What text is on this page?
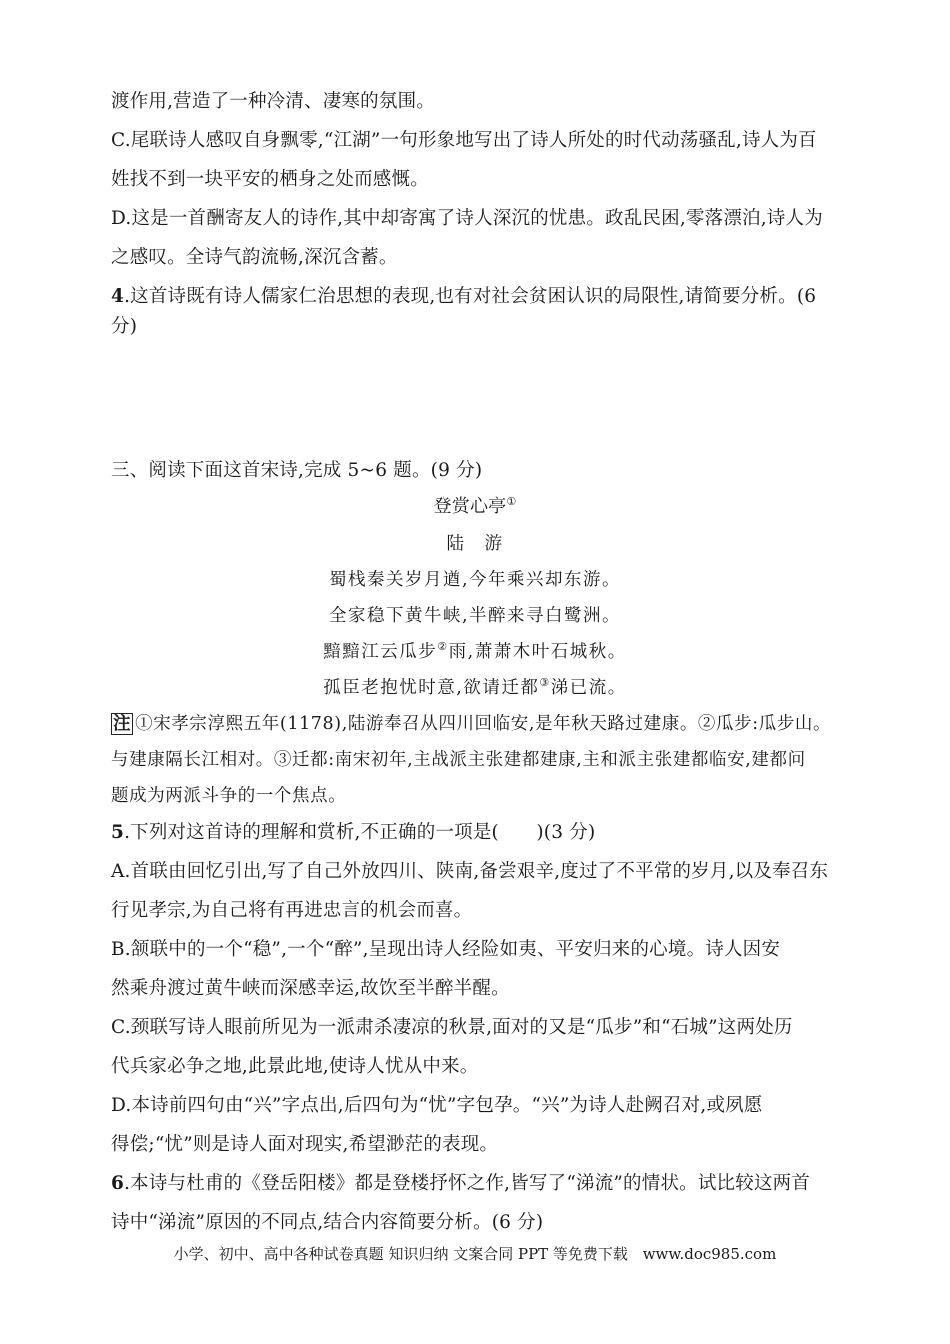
渡作用,营造了一种冷清、凄寒的氛围。
C.尾联诗人感叹自身飘零,“江湖”一句形象地写出了诗人所处的时代动荡骚乱,诗人为百
姓找不到一块平安的栖身之处而感慨。
D.这是一首酬寄友人的诗作,其中却寄寓了诗人深沉的忧患。政乱民困,零落漂泊,诗人为
之感叹。全诗气韵流畅,深沉含蓄。
4.这首诗既有诗人儒家仁治思想的表现,也有对社会贫困认识的局限性,请简要分析。(6
分)
三、阅读下面这首宋诗,完成 5~6 题。(9 分)
登赏心亭①
陆　游
蜀栈秦关岁月遒,今年乘兴却东游。
全家稳下黄牛峡,半醉来寻白鹭洲。
黯黯江云瓜步②雨,萧萧木叶石城秋。
孤臣老抱忧时意,欲请迁都③涕已流。
注 ①宋孝宗淳熙五年(1178),陆游奉召从四川回临安,是年秋天路过建康。②瓜步:瓜步山。
与建康隔长江相对。③迁都:南宋初年,主战派主张建都建康,主和派主张建都临安,建都问
题成为两派斗争的一个焦点。
5.下列对这首诗的理解和赏析,不正确的一项是(　　)(3 分)
A.首联由回忆引出,写了自己外放四川、陕南,备尝艰辛,度过了不平常的岁月,以及奉召东
行见孝宗,为自己将有再进忠言的机会而喜。
B.颔联中的一个“稳”,一个“醉”,呈现出诗人经险如夷、平安归来的心境。诗人因安
然乘舟渡过黄牛峡而深感幸运,故饮至半醉半醒。
C.颈联写诗人眼前所见为一派肃杀凄凉的秋景,面对的又是“瓜步”和“石城”这两处历
代兵家必争之地,此景此地,使诗人忧从中来。
D.本诗前四句由“兴”字点出,后四句为“忧”字包孕。“兴”为诗人赴阙召对,或夙愿
得偿;“忧”则是诗人面对现实,希望渺茫的表现。
6.本诗与杜甫的《登岳阳楼》都是登楼抒怀之作,皆写了“涕流”的情状。试比较这两首
诗中“涕流”原因的不同点,结合内容简要分析。(6 分)
小学、初中、高中各种试卷真题 知识归纳 文案合同 PPT 等免费下载 www.doc985.com
